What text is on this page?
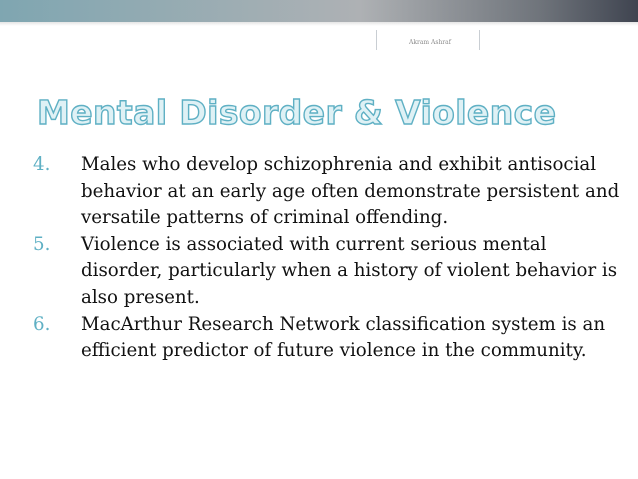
Akram Ashraf
Mental Disorder & Violence
4. Males who develop schizophrenia and exhibit antisocial behavior at an early age often demonstrate persistent and versatile patterns of criminal offending.
5. Violence is associated with current serious mental disorder, particularly when a history of violent behavior is also present.
6. MacArthur Research Network classification system is an efficient predictor of future violence in the community.
